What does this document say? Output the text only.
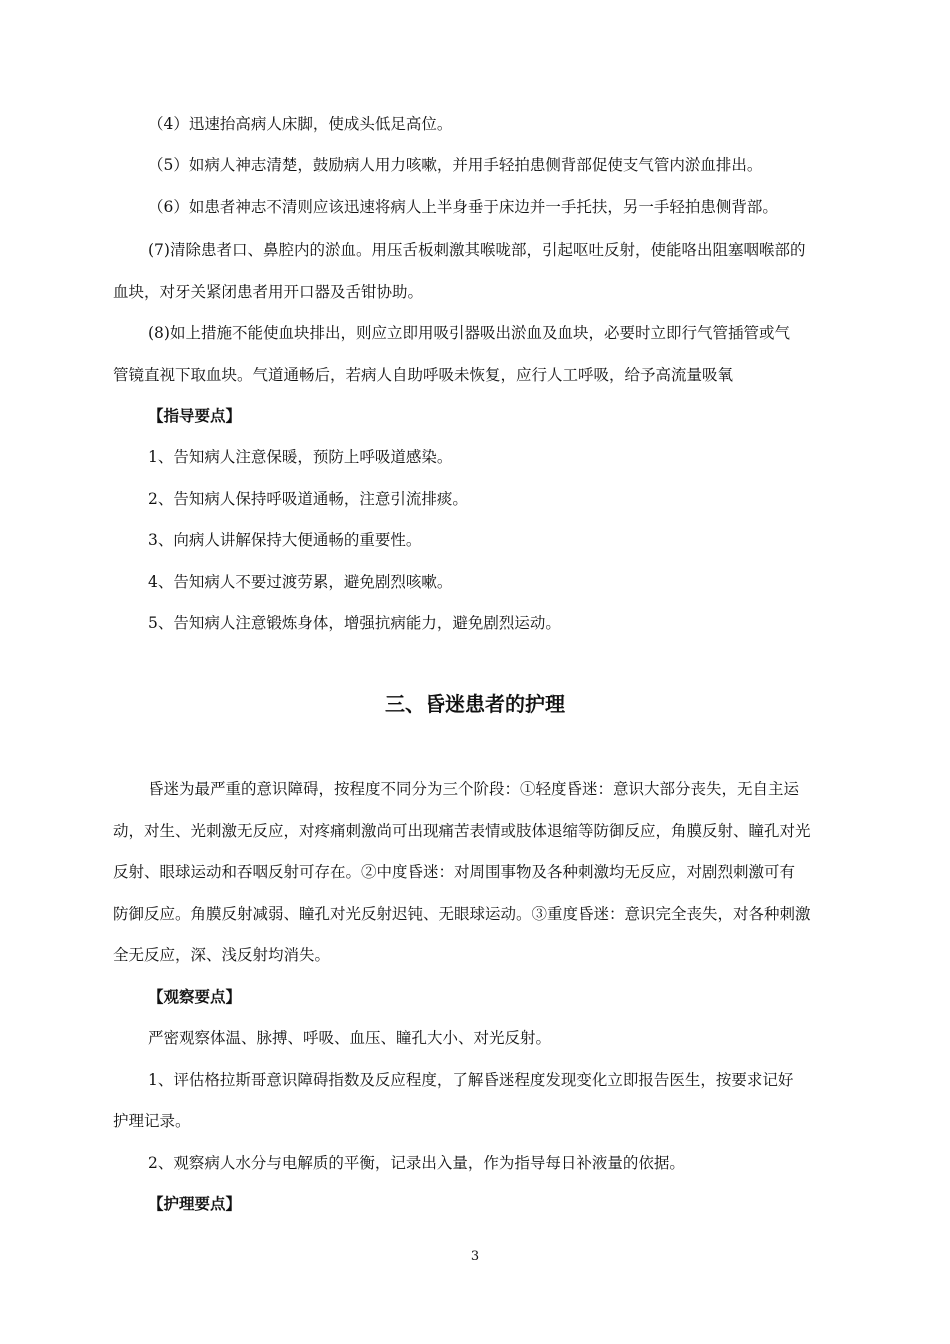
（4）迅速抬高病人床脚，使成头低足高位。
（5）如病人神志清楚，鼓励病人用力咳嗽，并用手轻拍患侧背部促使支气管内淤血排出。
（6）如患者神志不清则应该迅速将病人上半身垂于床边并一手托扶，另一手轻拍患侧背部。
(7)清除患者口、鼻腔内的淤血。用压舌板刺激其喉咙部，引起呕吐反射，使能咯出阻塞咽喉部的
血块，对牙关紧闭患者用开口器及舌钳协助。
(8)如上措施不能使血块排出，则应立即用吸引器吸出淤血及血块，必要时立即行气管插管或气
管镜直视下取血块。气道通畅后，若病人自助呼吸未恢复，应行人工呼吸，给予高流量吸氧
【指导要点】
1、告知病人注意保暖，预防上呼吸道感染。
2、告知病人保持呼吸道通畅，注意引流排痰。
3、向病人讲解保持大便通畅的重要性。
4、告知病人不要过渡劳累，避免剧烈咳嗽。
5、告知病人注意锻炼身体，增强抗病能力，避免剧烈运动。
三、昏迷患者的护理
昏迷为最严重的意识障碍，按程度不同分为三个阶段：①轻度昏迷：意识大部分丧失，无自主运
动，对生、光刺激无反应，对疼痛刺激尚可出现痛苦表情或肢体退缩等防御反应，角膜反射、瞳孔对光
反射、眼球运动和吞咽反射可存在。②中度昏迷：对周围事物及各种刺激均无反应，对剧烈刺激可有
防御反应。角膜反射减弱、瞳孔对光反射迟钝、无眼球运动。③重度昏迷：意识完全丧失，对各种刺激
全无反应，深、浅反射均消失。
【观察要点】
严密观察体温、脉搏、呼吸、血压、瞳孔大小、对光反射。
1、评估格拉斯哥意识障碍指数及反应程度，了解昏迷程度发现变化立即报告医生，按要求记好
护理记录。
2、观察病人水分与电解质的平衡，记录出入量，作为指导每日补液量的依据。
【护理要点】
3
